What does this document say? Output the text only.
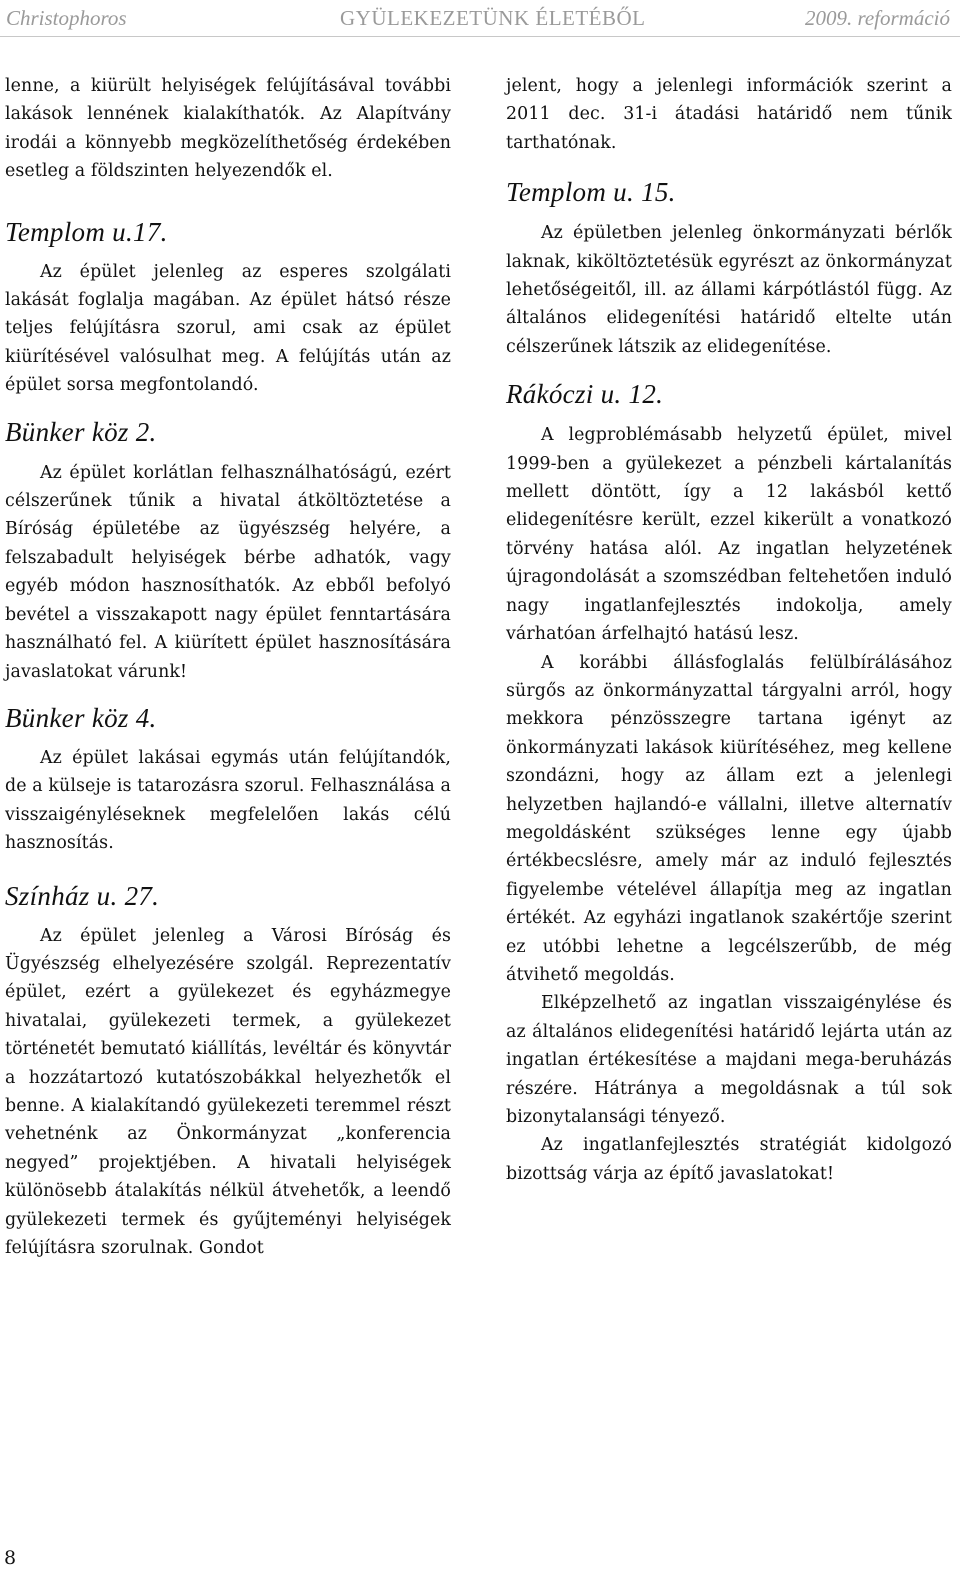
Christophoros	GYÜLEKEZETÜNK ÉLETÉBŐL	2009. reformáció

lenne, a kiürült helyiségek felújításával további lakások lennének kialakíthatók. Az Alapítvány irodái a könnyebb megközelíthetőség érdekében esetleg a földszinten helyezendők el.

Templom u.17.

Az épület jelenleg az esperes szolgálati lakását foglalja magában. Az épület hátsó része teljes felújításra szorul, ami csak az épület kiürítésével valósulhat meg. A felújítás után az épület sorsa megfontolandó.

Bünker köz 2.

Az épület korlátlan felhasználhatóságú, ezért célszerűnek tűnik a hivatal átköltöztetése a Bíróság épületébe az ügyészség helyére, a felszabadult helyiségek bérbe adhatók, vagy egyéb módon hasznosíthatók. Az ebből befolyó bevétel a visszakapott nagy épület fenntartására használható fel. A kiürített épület hasznosítására javaslatokat várunk!

Bünker köz 4.

Az épület lakásai egymás után felújítandók, de a külseje is tatarozásra szorul. Felhasználása a visszaigényléseknek megfelelően lakás célú hasznosítás.

Színház u. 27.

Az épület jelenleg a Városi Bíróság és Ügyészség elhelyezésére szolgál. Reprezentatív épület, ezért a gyülekezet és egyházmegye hivatalai, gyülekezeti termek, a gyülekezet történetét bemutató kiállítás, levéltár és könyvtár a hozzátartozó kutatószobákkal helyezhetők el benne. A kialakítandó gyülekezeti teremmel részt vehetnénk az Önkormányzat „konferencia negyed” projektjében. A hivatali helyiségek különösebb átalakítás nélkül átvehetők, a leendő gyülekezeti termek és gyűjteményi helyiségek felújításra szorulnak. Gondot

jelent, hogy a jelenlegi információk szerint a 2011 dec. 31-i átadási határidő nem tűnik tarthatónak.

Templom u. 15.

Az épületben jelenleg önkormányzati bérlők laknak, kiköltöztetésük egyrészt az önkormányzat lehetőségeitől, ill. az állami kárpótlástól függ. Az általános elidegenítési határidő eltelte után célszerűnek látszik az elidegenítése.

Rákóczi u. 12.

A legproblémásabb helyzetű épület, mivel 1999-ben a gyülekezet a pénzbeli kártalanítás mellett döntött, így a 12 lakásból kettő elidegenítésre került, ezzel kikerült a vonatkozó törvény hatása alól. Az ingatlan helyzetének újragondolását a szomszédban feltehetően induló nagy ingatlanfejlesztés indokolja, amely várhatóan árfelhajtó hatású lesz.

A korábbi állásfoglalás felülbírálásához sürgős az önkormányzattal tárgyalni arról, hogy mekkora pénzösszegre tartana igényt az önkormányzati lakások kiürítéséhez, meg kellene szondázni, hogy az állam ezt a jelenlegi helyzetben hajlandó-e vállalni, illetve alternatív megoldásként szükséges lenne egy újabb értékbecslésre, amely már az induló fejlesztés figyelembe vételével állapítja meg az ingatlan értékét. Az egyházi ingatlanok szakértője szerint ez utóbbi lehetne a legcélszerűbb, de még átvihető megoldás.

Elképzelhető az ingatlan visszaigénylése és az általános elidegenítési határidő lejárta után az ingatlan értékesítése a majdani mega-beruházás részére. Hátránya a megoldásnak a túl sok bizonytalansági tényező.

Az ingatlanfejlesztés stratégiát kidolgozó bizottság várja az építő javaslatokat!

8
